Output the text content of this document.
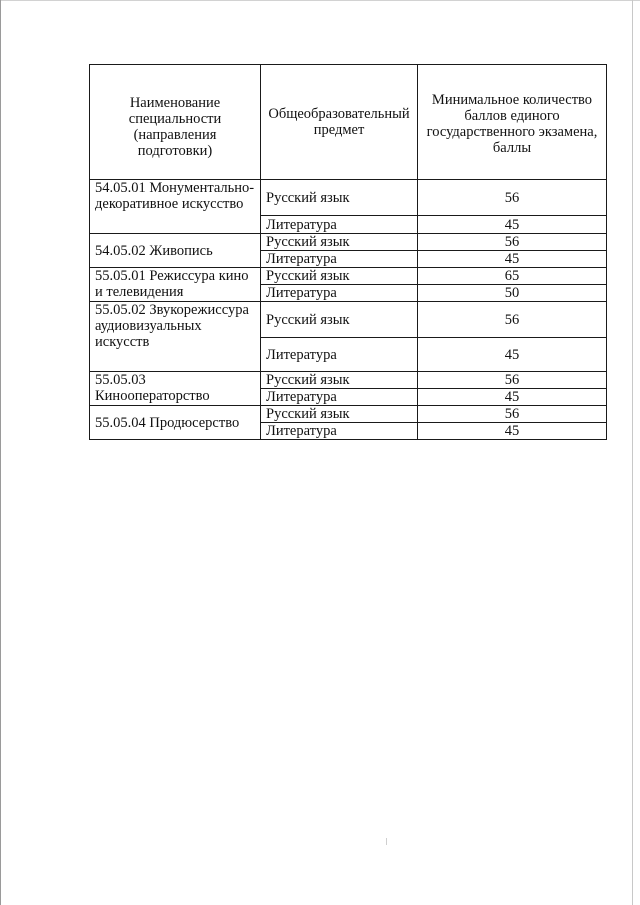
Наименование специальности (направления подготовки)	Общеобразовательный предмет	Минимальное количество баллов единого государственного экзамена, баллы
54.05.01 Монументально-декоративное искусство	Русский язык	56
	Литература	45
54.05.02 Живопись	Русский язык	56
	Литература	45
55.05.01 Режиссура кино и телевидения	Русский язык	65
	Литература	50
55.05.02 Звукорежиссура аудиовизуальных искусств	Русский язык	56
	Литература	45
55.05.03 Кинооператорство	Русский язык	56
	Литература	45
55.05.04 Продюсерство	Русский язык	56
	Литература	45
